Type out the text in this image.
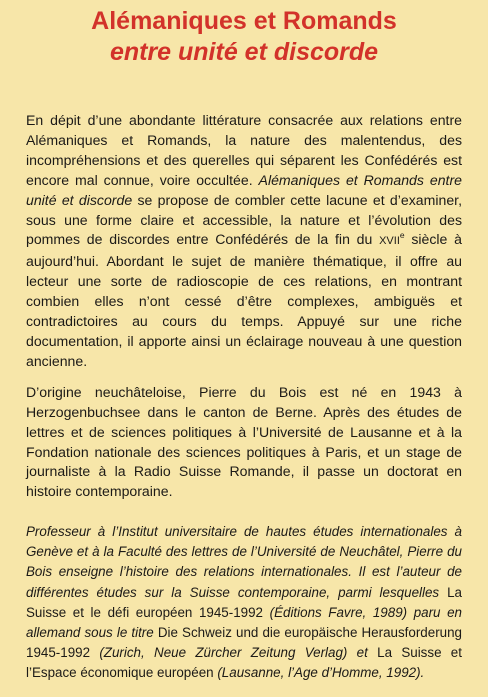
Alémaniques et Romands
entre unité et discorde

En dépit d’une abondante littérature consacrée aux relations entre Alémaniques et Romands, la nature des malentendus, des incompréhensions et des querelles qui séparent les Confédérés est encore mal connue, voire occultée. Alémaniques et Romands entre unité et discorde se propose de combler cette lacune et d’examiner, sous une forme claire et accessible, la nature et l’évolution des pommes de discordes entre Confédérés de la fin du XVIIe siècle à aujourd’hui. Abordant le sujet de manière thématique, il offre au lecteur une sorte de radioscopie de ces relations, en montrant combien elles n’ont cessé d’être complexes, ambiguës et contradictoires au cours du temps. Appuyé sur une riche documentation, il apporte ainsi un éclairage nouveau à une question ancienne.

D’origine neuchâteloise, Pierre du Bois est né en 1943 à Herzogenbuchsee dans le canton de Berne. Après des études de lettres et de sciences politiques à l’Université de Lausanne et à la Fondation nationale des sciences politiques à Paris, et un stage de journaliste à la Radio Suisse Romande, il passe un doctorat en histoire contemporaine.

Professeur à l’Institut universitaire de hautes études internationales à Genève et à la Faculté des lettres de l’Université de Neuchâtel, Pierre du Bois enseigne l’histoire des relations internationales. Il est l’auteur de différentes études sur la Suisse contemporaine, parmi lesquelles La Suisse et le défi européen 1945-1992 (Éditions Favre, 1989) paru en allemand sous le titre Die Schweiz und die europäische Herausforderung 1945-1992 (Zurich, Neue Zürcher Zeitung Verlag) et La Suisse et l’Espace économique européen (Lausanne, l’Age d’Homme, 1992).
